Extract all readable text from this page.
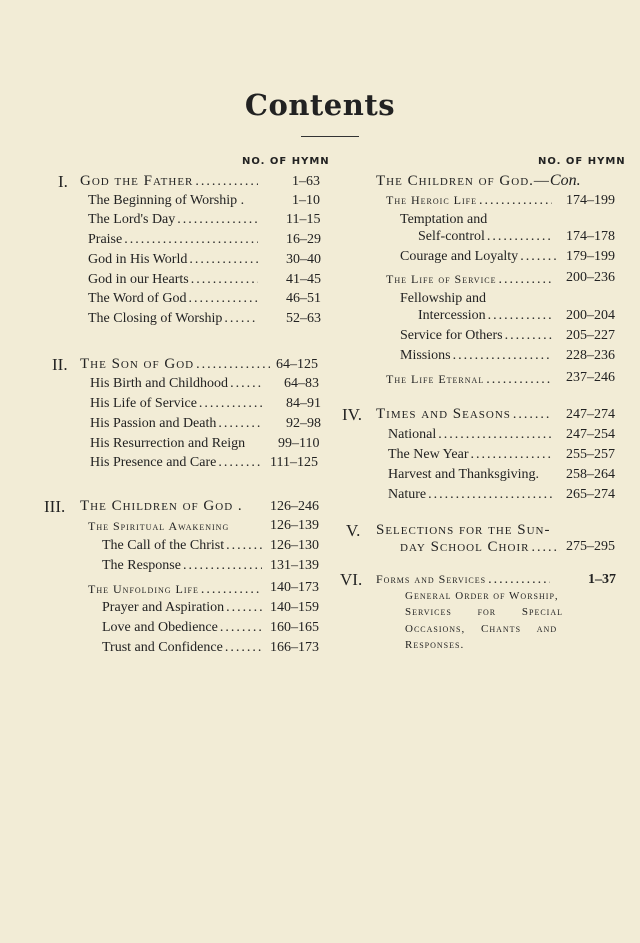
Contents
NO. OF HYMN
I. God the Father .....	1–63
The Beginning of Worship .	1–10
The Lord's Day .....	11–15
Praise .....	16–29
God in His World .....	30–40
God in our Hearts .....	41–45
The Word of God .....	46–51
The Closing of Worship .....	52–63
II. The Son of God .....	64–125
His Birth and Childhood .....	64–83
His Life of Service .....	84–91
His Passion and Death .....	92–98
His Resurrection and Reign 99–110
His Presence and Care .....	111–125
III. The Children of God . 126–246
The Spiritual Awakening	126–139
The Call of the Christ .....	126–130
The Response .....	131–139
The Unfolding Life .....	140–173
Prayer and Aspiration .....	140–159
Love and Obedience .....	160–165
Trust and Confidence .....	166–173
NO. OF HYMN
The Children of God.— Con.
The Heroic Life .....	174–199
Temptation and
Self-control .....	174–178
Courage and Loyalty .....	179–199
The Life of Service .....	200–236
Fellowship and
Intercession .....	200–204
Service for Others .....	205–227
Missions .....	228–236
The Life Eternal .....	237–246
IV. Times and Seasons .....	247–274
National .....	247–254
The New Year .....	255–257
Harvest and Thanksgiving. 258–264
Nature .....	265–274
V. Selections for the Sun-
day School Choir .....	275–295
VI. Forms and Services .....	1–37
General Order of Worship,
Services for Special
Occasions, Chants and
Responses.
